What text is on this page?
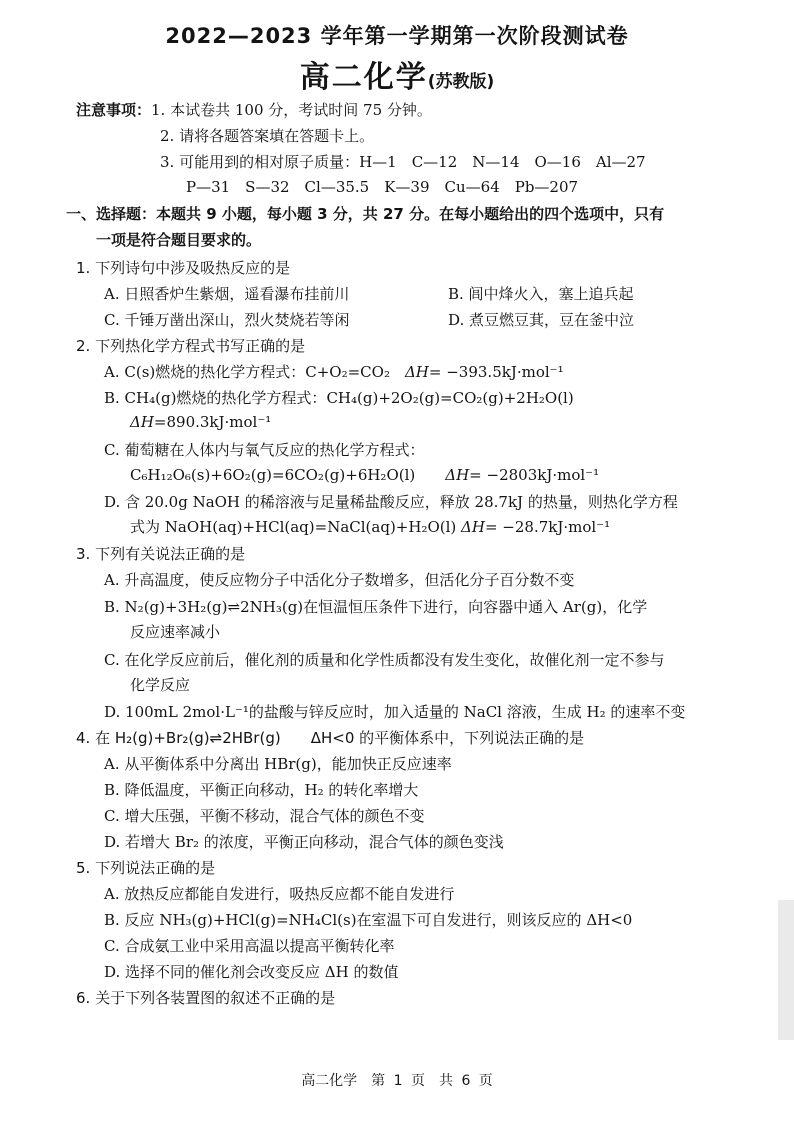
2022—2023 学年第一学期第一次阶段测试卷
高二化学(苏教版)
注意事项：1. 本试卷共 100 分，考试时间 75 分钟。
2. 请将各题答案填在答题卡上。
3. 可能用到的相对原子质量：H—1　C—12　N—14　O—16　Al—27
P—31　S—32　Cl—35.5　K—39　Cu—64　Pb—207
一、选择题：本题共 9 小题，每小题 3 分，共 27 分。在每小题给出的四个选项中，只有
一项是符合题目要求的。
1. 下列诗句中涉及吸热反应的是
A. 日照香炉生紫烟，遥看瀑布挂前川	B. 闾中烽火入，塞上追兵起
C. 千锤万凿出深山，烈火焚烧若等闲	D. 煮豆燃豆萁，豆在釜中泣
2. 下列热化学方程式书写正确的是
A. C(s)燃烧的热化学方程式：C+O₂=CO₂　ΔH= −393.5kJ·mol⁻¹
B. CH₄(g)燃烧的热化学方程式：CH₄(g)+2O₂(g)=CO₂(g)+2H₂O(l)
ΔH=890.3kJ·mol⁻¹
C. 葡萄糖在人体内与氧气反应的热化学方程式：
C₆H₁₂O₆(s)+6O₂(g)=6CO₂(g)+6H₂O(l)　　ΔH= −2803kJ·mol⁻¹
D. 含 20.0g NaOH 的稀溶液与足量稀盐酸反应，释放 28.7kJ 的热量，则热化学方程
式为 NaOH(aq)+HCl(aq)=NaCl(aq)+H₂O(l) ΔH= −28.7kJ·mol⁻¹
3. 下列有关说法正确的是
A. 升高温度，使反应物分子中活化分子数增多，但活化分子百分数不变
B. N₂(g)+3H₂(g)⇌2NH₃(g)在恒温恒压条件下进行，向容器中通入 Ar(g)，化学
反应速率减小
C. 在化学反应前后，催化剂的质量和化学性质都没有发生变化，故催化剂一定不参与
化学反应
D. 100mL 2mol·L⁻¹的盐酸与锌反应时，加入适量的 NaCl 溶液，生成 H₂ 的速率不变
4. 在 H₂(g)+Br₂(g)⇌2HBr(g)　　ΔH<0 的平衡体系中，下列说法正确的是
A. 从平衡体系中分离出 HBr(g)，能加快正反应速率
B. 降低温度，平衡正向移动，H₂ 的转化率增大
C. 增大压强，平衡不移动，混合气体的颜色不变
D. 若增大 Br₂ 的浓度，平衡正向移动，混合气体的颜色变浅
5. 下列说法正确的是
A. 放热反应都能自发进行，吸热反应都不能自发进行
B. 反应 NH₃(g)+HCl(g)=NH₄Cl(s)在室温下可自发进行，则该反应的 ΔH<0
C. 合成氨工业中采用高温以提高平衡转化率
D. 选择不同的催化剂会改变反应 ΔH 的数值
6. 关于下列各装置图的叙述不正确的是
高二化学　第 1 页　共 6 页
